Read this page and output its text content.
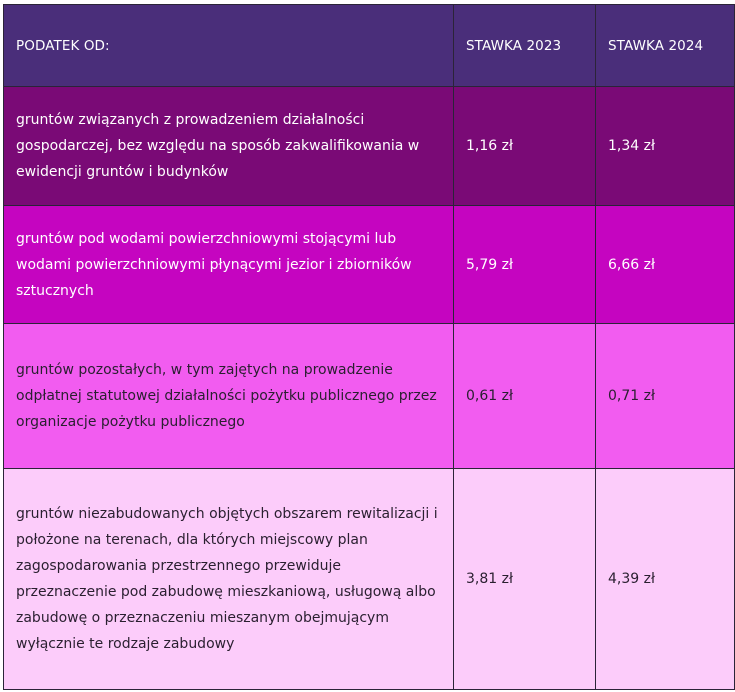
PODATEK OD:	STAWKA 2023	STAWKA 2024
gruntów związanych z prowadzeniem działalności gospodarczej, bez względu na sposób zakwalifikowania w ewidencji gruntów i budynków	1,16 zł	1,34 zł
gruntów pod wodami powierzchniowymi stojącymi lub wodami powierzchniowymi płynącymi jezior i zbiorników sztucznych	5,79 zł	6,66 zł
gruntów pozostałych, w tym zajętych na prowadzenie odpłatnej statutowej działalności pożytku publicznego przez organizacje pożytku publicznego	0,61 zł	0,71 zł
gruntów niezabudowanych objętych obszarem rewitalizacji i położone na terenach, dla których miejscowy plan zagospodarowania przestrzennego przewiduje przeznaczenie pod zabudowę mieszkaniową, usługową albo zabudowę o przeznaczeniu mieszanym obejmującym wyłącznie te rodzaje zabudowy	3,81 zł	4,39 zł
